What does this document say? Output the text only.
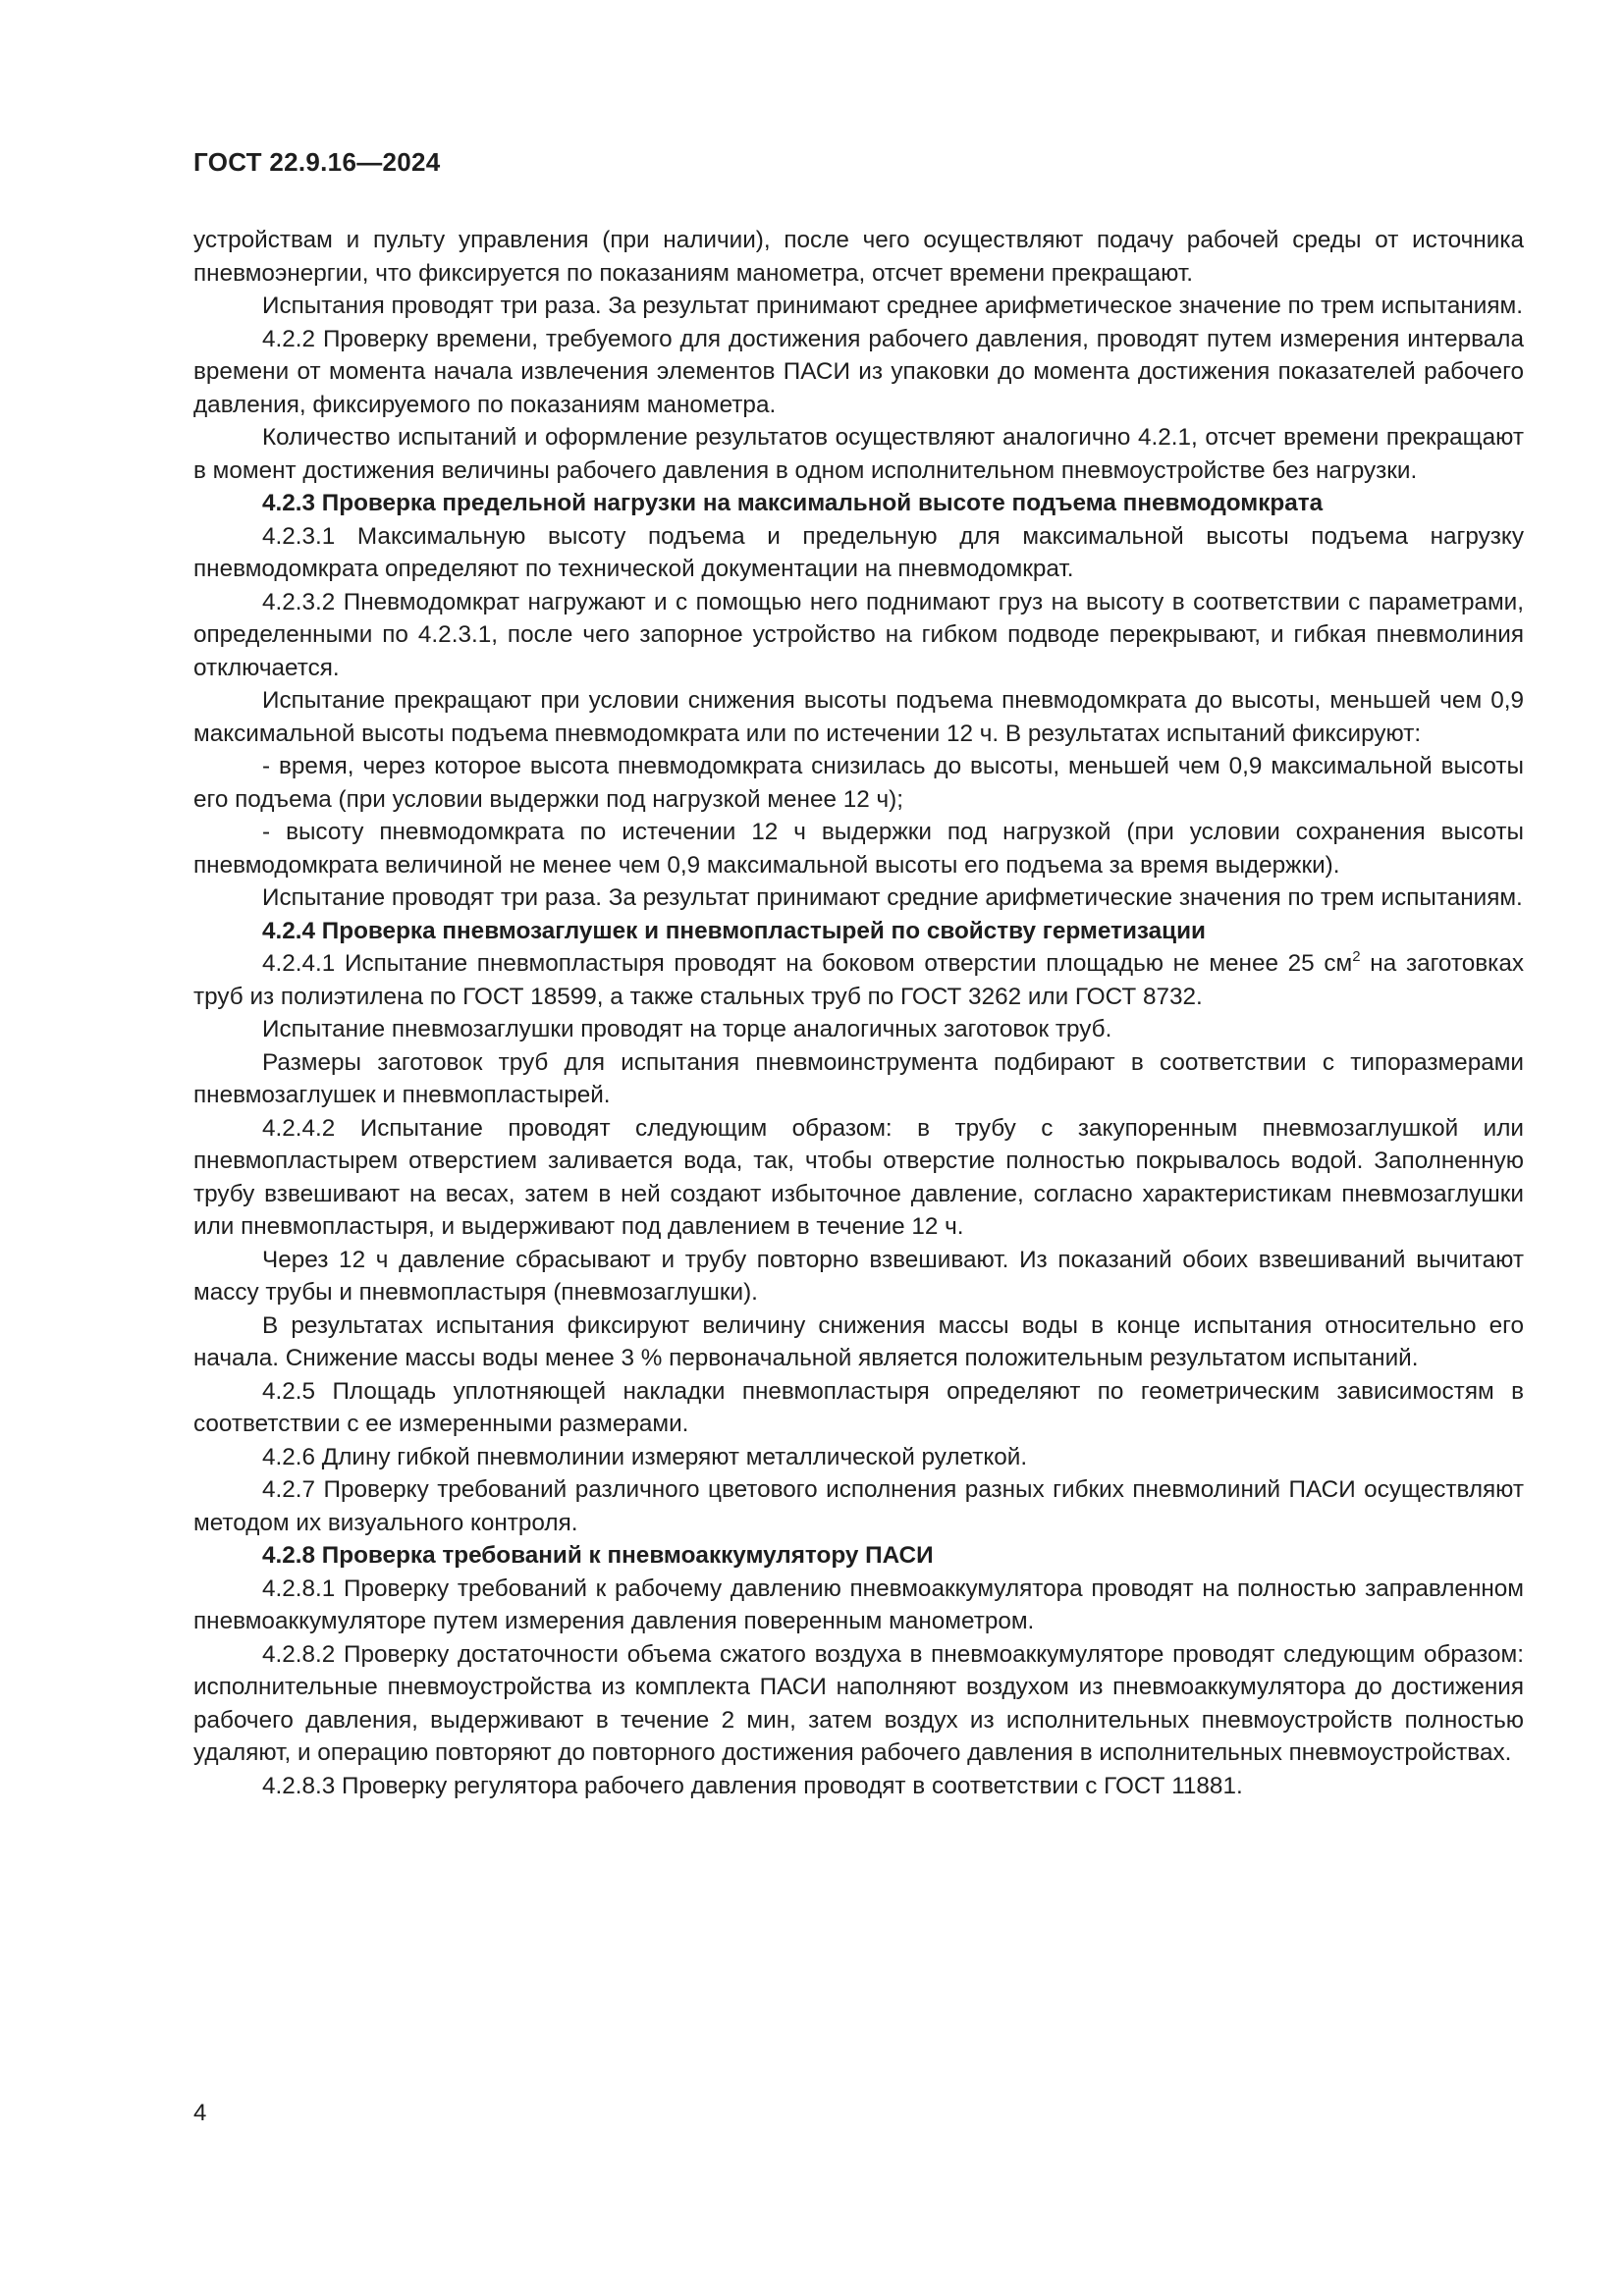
ГОСТ 22.9.16—2024

устройствам и пульту управления (при наличии), после чего осуществляют подачу рабочей среды от источника пневмоэнергии, что фиксируется по показаниям манометра, отсчет времени прекращают.

Испытания проводят три раза. За результат принимают среднее арифметическое значение по трем испытаниям.

4.2.2 Проверку времени, требуемого для достижения рабочего давления, проводят путем измерения интервала времени от момента начала извлечения элементов ПАСИ из упаковки до момента достижения показателей рабочего давления, фиксируемого по показаниям манометра.

Количество испытаний и оформление результатов осуществляют аналогично 4.2.1, отсчет времени прекращают в момент достижения величины рабочего давления в одном исполнительном пневмоустройстве без нагрузки.

4.2.3 Проверка предельной нагрузки на максимальной высоте подъема пневмодомкрата

4.2.3.1 Максимальную высоту подъема и предельную для максимальной высоты подъема нагрузку пневмодомкрата определяют по технической документации на пневмодомкрат.

4.2.3.2 Пневмодомкрат нагружают и с помощью него поднимают груз на высоту в соответствии с параметрами, определенными по 4.2.3.1, после чего запорное устройство на гибком подводе перекрывают, и гибкая пневмолиния отключается.

Испытание прекращают при условии снижения высоты подъема пневмодомкрата до высоты, меньшей чем 0,9 максимальной высоты подъема пневмодомкрата или по истечении 12 ч. В результатах испытаний фиксируют:

- время, через которое высота пневмодомкрата снизилась до высоты, меньшей чем 0,9 максимальной высоты его подъема (при условии выдержки под нагрузкой менее 12 ч);

- высоту пневмодомкрата по истечении 12 ч выдержки под нагрузкой (при условии сохранения высоты пневмодомкрата величиной не менее чем 0,9 максимальной высоты его подъема за время выдержки).

Испытание проводят три раза. За результат принимают средние арифметические значения по трем испытаниям.

4.2.4 Проверка пневмозаглушек и пневмопластырей по свойству герметизации

4.2.4.1 Испытание пневмопластыря проводят на боковом отверстии площадью не менее 25 $см^2$ на заготовках труб из полиэтилена по ГОСТ 18599, а также стальных труб по ГОСТ 3262 или ГОСТ 8732.

Испытание пневмозаглушки проводят на торце аналогичных заготовок труб.

Размеры заготовок труб для испытания пневмоинструмента подбирают в соответствии с типоразмерами пневмозаглушек и пневмопластырей.

4.2.4.2 Испытание проводят следующим образом: в трубу с закупоренным пневмозаглушкой или пневмопластырем отверстием заливается вода, так, чтобы отверстие полностью покрывалось водой. Заполненную трубу взвешивают на весах, затем в ней создают избыточное давление, согласно характеристикам пневмозаглушки или пневмопластыря, и выдерживают под давлением в течение 12 ч.

Через 12 ч давление сбрасывают и трубу повторно взвешивают. Из показаний обоих взвешиваний вычитают массу трубы и пневмопластыря (пневмозаглушки).

В результатах испытания фиксируют величину снижения массы воды в конце испытания относительно его начала. Снижение массы воды менее 3 % первоначальной является положительным результатом испытаний.

4.2.5 Площадь уплотняющей накладки пневмопластыря определяют по геометрическим зависимостям в соответствии с ее измеренными размерами.

4.2.6 Длину гибкой пневмолинии измеряют металлической рулеткой.

4.2.7 Проверку требований различного цветового исполнения разных гибких пневмолиний ПАСИ осуществляют методом их визуального контроля.

4.2.8 Проверка требований к пневмоаккумулятору ПАСИ

4.2.8.1 Проверку требований к рабочему давлению пневмоаккумулятора проводят на полностью заправленном пневмоаккумуляторе путем измерения давления поверенным манометром.

4.2.8.2 Проверку достаточности объема сжатого воздуха в пневмоаккумуляторе проводят следующим образом: исполнительные пневмоустройства из комплекта ПАСИ наполняют воздухом из пневмоаккумулятора до достижения рабочего давления, выдерживают в течение 2 мин, затем воздух из исполнительных пневмоустройств полностью удаляют, и операцию повторяют до повторного достижения рабочего давления в исполнительных пневмоустройствах.

4.2.8.3 Проверку регулятора рабочего давления проводят в соответствии с ГОСТ 11881.

4
